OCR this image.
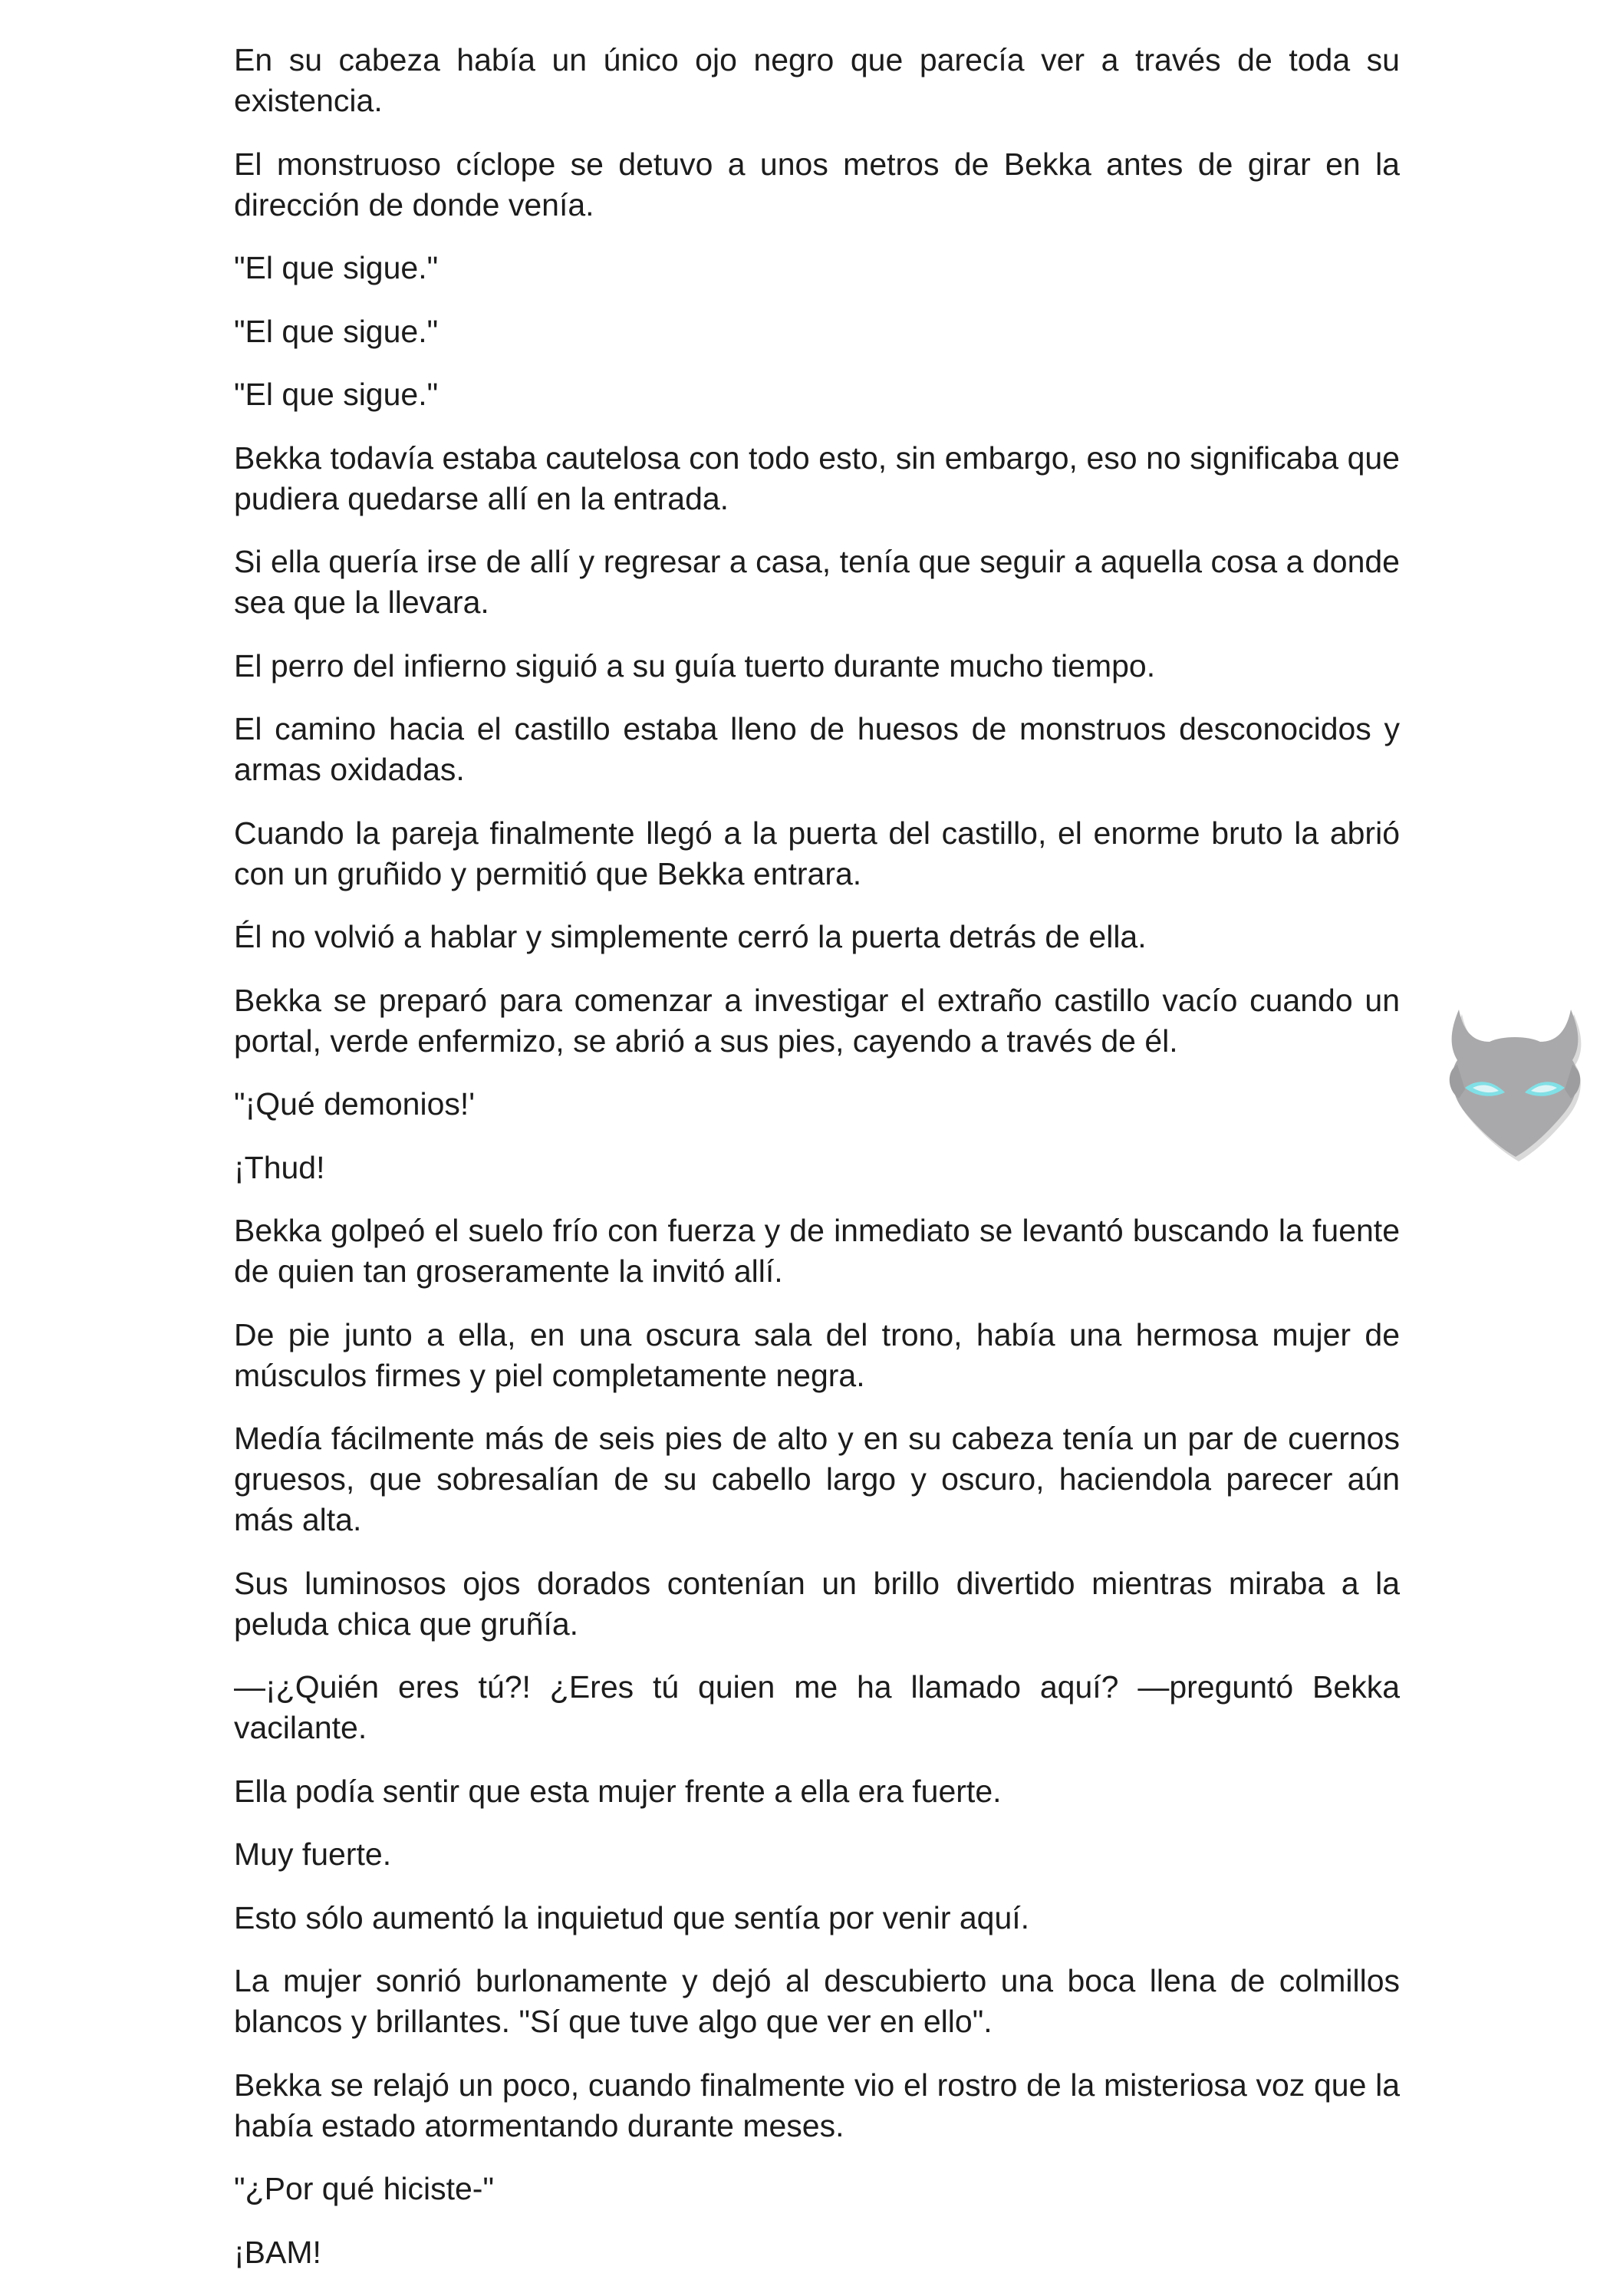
En su cabeza había un único ojo negro que parecía ver a través de toda su existencia.

El monstruoso cíclope se detuvo a unos metros de Bekka antes de girar en la dirección de donde venía.

"El que sigue."

"El que sigue."

"El que sigue."

Bekka todavía estaba cautelosa con todo esto, sin embargo, eso no significaba que pudiera quedarse allí en la entrada.

Si ella quería irse de allí y regresar a casa, tenía que seguir a aquella cosa a donde sea que la llevara.

El perro del infierno siguió a su guía tuerto durante mucho tiempo.

El camino hacia el castillo estaba lleno de huesos de monstruos desconocidos y armas oxidadas.

Cuando la pareja finalmente llegó a la puerta del castillo, el enorme bruto la abrió con un gruñido y permitió que Bekka entrara.

Él no volvió a hablar y simplemente cerró la puerta detrás de ella.

Bekka se preparó para comenzar a investigar el extraño castillo vacío cuando un portal, verde enfermizo, se abrió a sus pies, cayendo a través de él.

"¡Qué demonios!'

¡Thud!

Bekka golpeó el suelo frío con fuerza y de inmediato se levantó buscando la fuente de quien tan groseramente la invitó allí.

De pie junto a ella, en una oscura sala del trono, había una hermosa mujer de músculos firmes y piel completamente negra.

Medía fácilmente más de seis pies de alto y en su cabeza tenía un par de cuernos gruesos, que sobresalían de su cabello largo y oscuro, haciendola parecer aún más alta.

Sus luminosos ojos dorados contenían un brillo divertido mientras miraba a la peluda chica que gruñía.

—¡¿Quién eres tú?! ¿Eres tú quien me ha llamado aquí? —preguntó Bekka vacilante.

Ella podía sentir que esta mujer frente a ella era fuerte.

Muy fuerte.

Esto sólo aumentó la inquietud que sentía por venir aquí.

La mujer sonrió burlonamente y dejó al descubierto una boca llena de colmillos blancos y brillantes. "Sí que tuve algo que ver en ello".

Bekka se relajó un poco, cuando finalmente vio el rostro de la misteriosa voz que la había estado atormentando durante meses.

"¿Por qué hiciste-"

¡BAM!
